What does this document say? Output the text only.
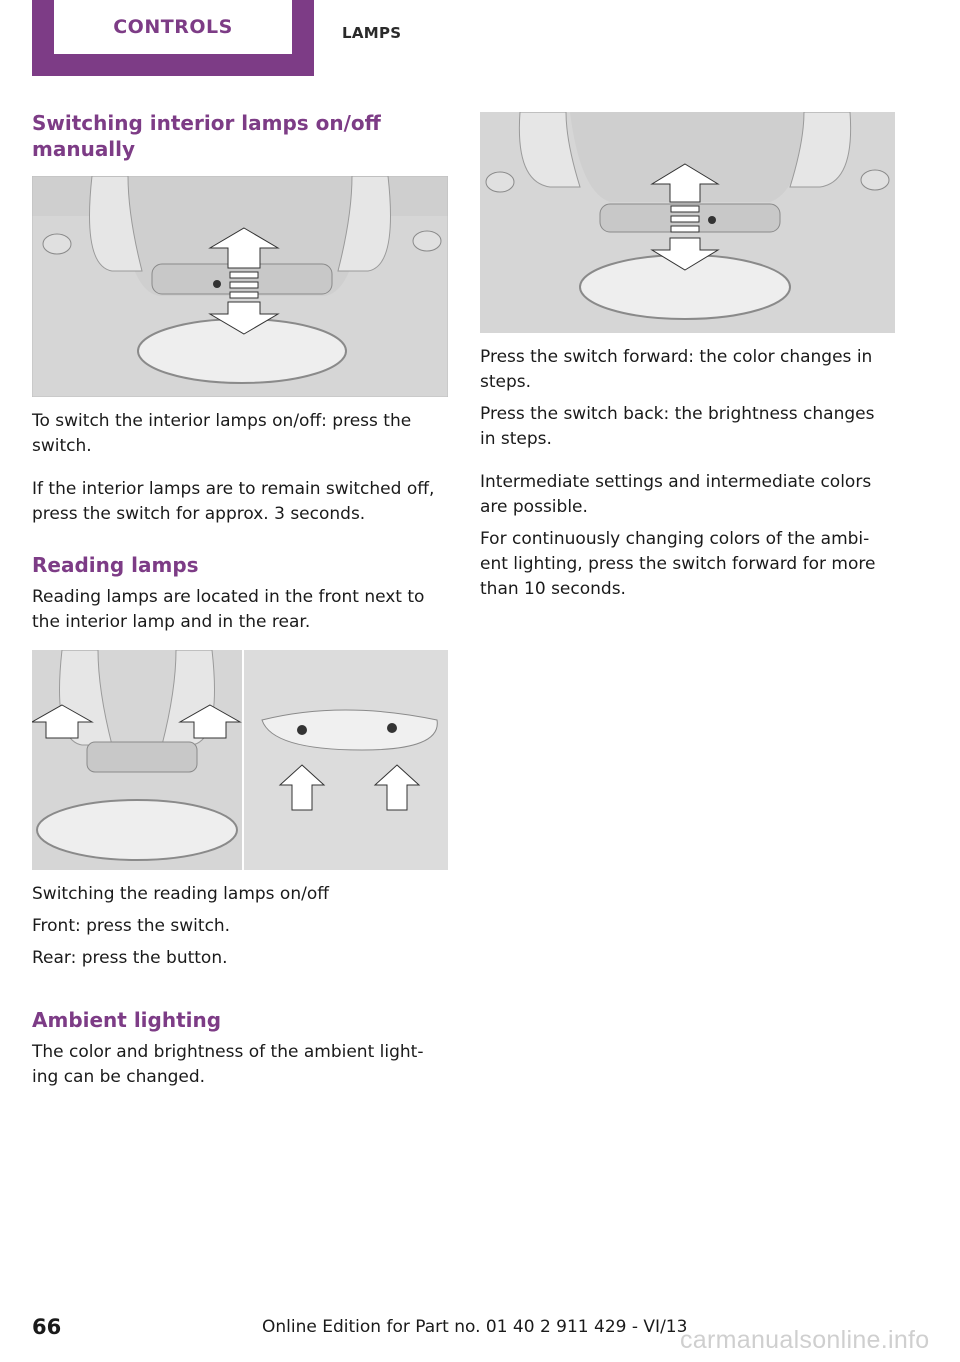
CONTROLS	LAMPS
Switching interior lamps on/off manually

To switch the interior lamps on/off: press the switch.

If the interior lamps are to remain switched off, press the switch for approx. 3 seconds.

Reading lamps

Reading lamps are located in the front next to the interior lamp and in the rear.

Switching the reading lamps on/off

Front: press the switch.

Rear: press the button.

Ambient lighting

The color and brightness of the ambient light‐ing can be changed.

Press the switch forward: the color changes in steps.

Press the switch back: the brightness changes in steps.

Intermediate settings and intermediate colors are possible.

For continuously changing colors of the ambi‐ent lighting, press the switch forward for more than 10 seconds.

66	Online Edition for Part no. 01 40 2 911 429 - VI/13
carmanualsonline.info
